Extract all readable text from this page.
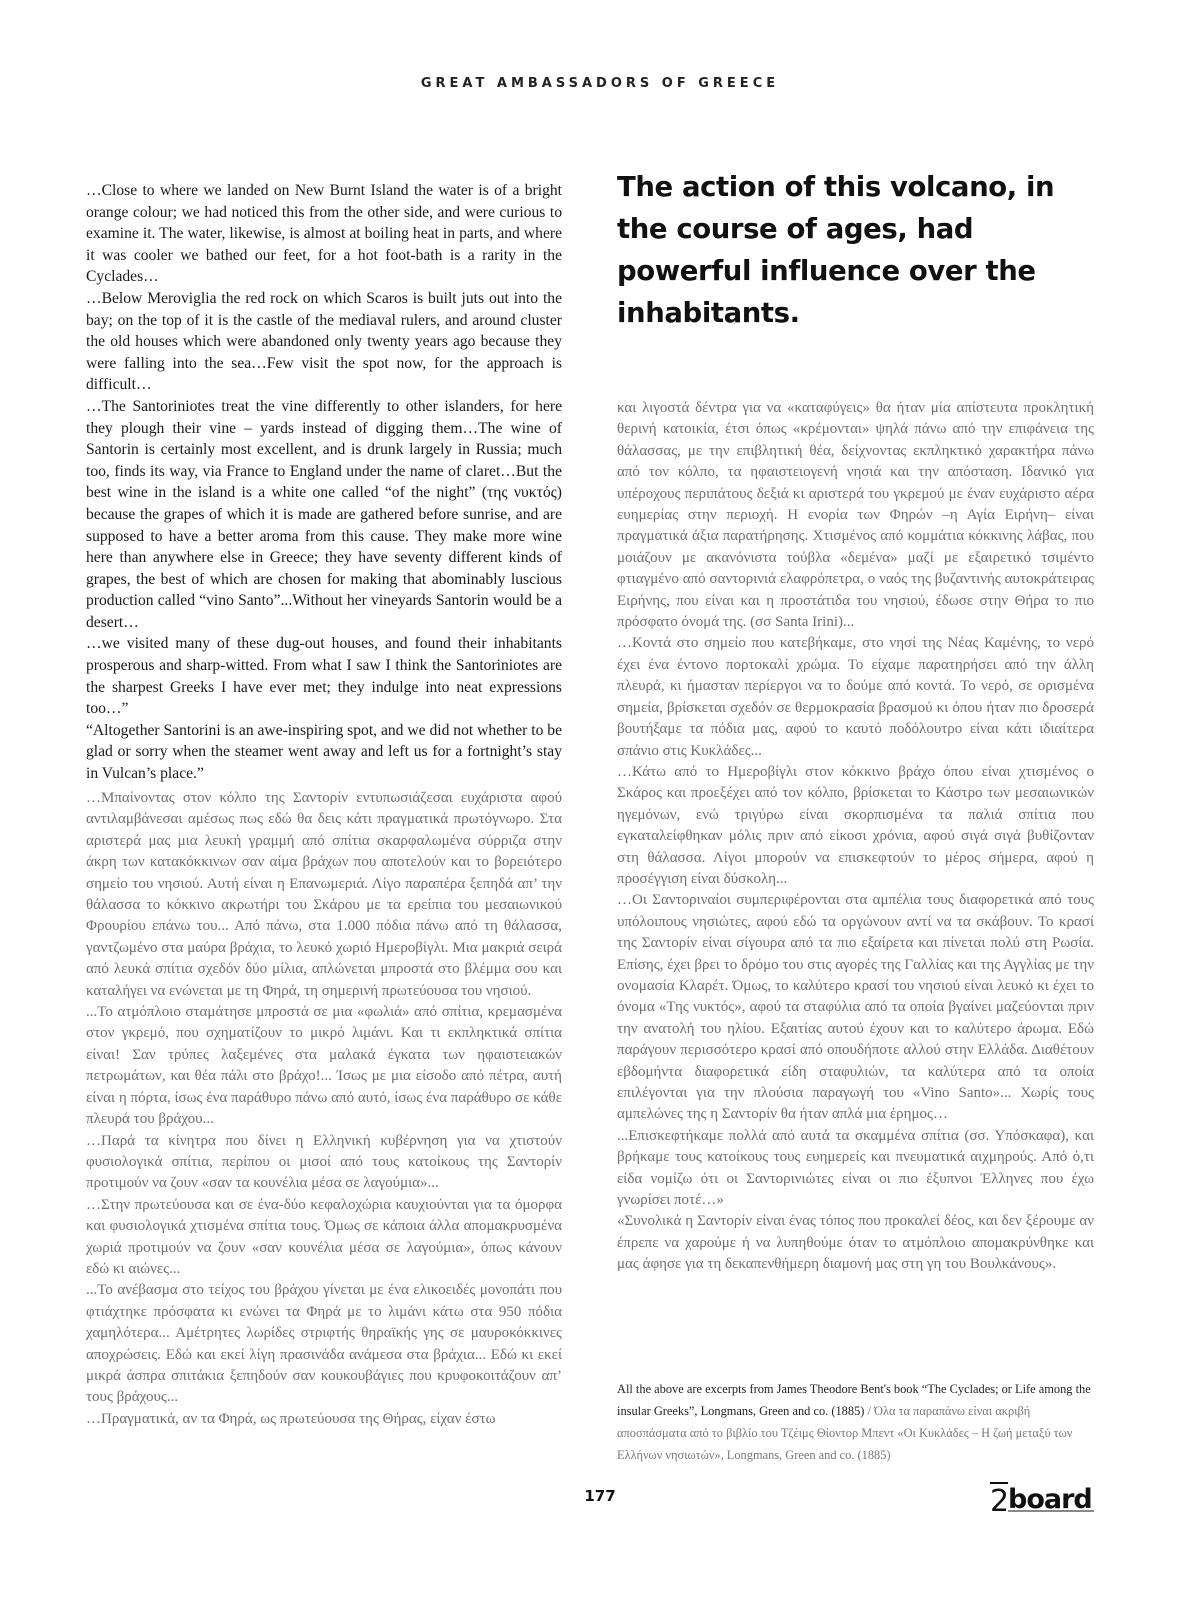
GREAT AMBASSADORS OF GREECE

…Close to where we landed on New Burnt Island the water is of a bright orange colour; we had noticed this from the other side, and were curious to examine it. The water, likewise, is almost at boiling heat in parts, and where it was cooler we bathed our feet, for a hot foot-bath is a rarity in the Cyclades…

…Below Meroviglia the red rock on which Scaros is built juts out into the bay; on the top of it is the castle of the mediaval rulers, and around cluster the old houses which were abandoned only twenty years ago because they were falling into the sea…Few visit the spot now, for the approach is difficult…

…The Santoriniotes treat the vine differently to other islanders, for here they plough their vine – yards instead of digging them…The wine of Santorin is certainly most excellent, and is drunk largely in Russia; much too, finds its way, via France to England under the name of claret…But the best wine in the island is a white one called “of the night” (της νυκτός) because the grapes of which it is made are gathered before sunrise, and are supposed to have a better aroma from this cause. They make more wine here than anywhere else in Greece; they have seventy different kinds of grapes, the best of which are chosen for making that abominably luscious production called “vino Santo”...Without her vineyards Santorin would be a desert…

…we visited many of these dug-out houses, and found their inhabitants prosperous and sharp-witted. From what I saw I think the Santoriniotes are the sharpest Greeks I have ever met; they indulge into neat expressions too…”

“Altogether Santorini is an awe-inspiring spot, and we did not whether to be glad or sorry when the steamer went away and left us for a fortnight’s stay in Vulcan’s place.”

…Μπαίνοντας στον κόλπο της Σαντορίν εντυπωσιάζεσαι ευχάριστα αφού αντιλαμβάνεσαι αμέσως πως εδώ θα δεις κάτι πραγματικά πρωτόγνωρο. Στα αριστερά μας μια λευκή γραμμή από σπίτια σκαρφαλωμένα σύρριζα στην άκρη των κατακόκκινων σαν αίμα βράχων που αποτελούν και το βορειότερο σημείο του νησιού. Αυτή είναι η Επανωμεριά. Λίγο παραπέρα ξεπηδά απ’ την θάλασσα το κόκκινο ακρωτήρι του Σκάρου με τα ερείπια του μεσαιωνικού Φρουρίου επάνω του... Από πάνω, στα 1.000 πόδια πάνω από τη θάλασσα, γαντζωμένο στα μαύρα βράχια, το λευκό χωριό Ημεροβίγλι. Μια μακριά σειρά από λευκά σπίτια σχεδόν δύο μίλια, απλώνεται μπροστά στο βλέμμα σου και καταλήγει να ενώνεται με τη Φηρά, τη σημερινή πρωτεύουσα του νησιού.

...Το ατμόπλοιο σταμάτησε μπροστά σε μια «φωλιά» από σπίτια, κρεμασμένα στον γκρεμό, που σχηματίζουν το μικρό λιμάνι. Και τι εκπληκτικά σπίτια είναι! Σαν τρύπες λαξεμένες στα μαλακά έγκατα των ηφαιστειακών πετρωμάτων, και θέα πάλι στο βράχο!... Ίσως με μια είσοδο από πέτρα, αυτή είναι η πόρτα, ίσως ένα παράθυρο πάνω από αυτό, ίσως ένα παράθυρο σε κάθε πλευρά του βράχου...

…Παρά τα κίνητρα που δίνει η Ελληνική κυβέρνηση για να χτιστούν φυσιολογικά σπίτια, περίπου οι μισοί από τους κατοίκους της Σαντορίν προτιμούν να ζουν «σαν τα κουνέλια μέσα σε λαγούμια»...

…Στην πρωτεύουσα και σε ένα-δύο κεφαλοχώρια καυχιούνται για τα όμορφα και φυσιολογικά χτισμένα σπίτια τους. Όμως σε κάποια άλλα απομακρυσμένα χωριά προτιμούν να ζουν «σαν κουνέλια μέσα σε λαγούμια», όπως κάνουν εδώ κι αιώνες...

...Το ανέβασμα στο τείχος του βράχου γίνεται με ένα ελικοειδές μονοπάτι που φτιάχτηκε πρόσφατα κι ενώνει τα Φηρά με το λιμάνι κάτω στα 950 πόδια χαμηλότερα... Αμέτρητες λωρίδες στριφτής θηραϊκής γης σε μαυροκόκκινες αποχρώσεις. Εδώ και εκεί λίγη πρασινάδα ανάμεσα στα βράχια... Εδώ κι εκεί μικρά άσπρα σπιτάκια ξεπηδούν σαν κουκουβάγιες που κρυφοκοιτάζουν απ’ τους βράχους...

…Πραγματικά, αν τα Φηρά, ως πρωτεύουσα της Θήρας, είχαν έστω

The action of this volcano, in the course of ages, had powerful influence over the inhabitants.

και λιγοστά δέντρα για να «καταφύγεις» θα ήταν μία απίστευτα προκλητική θερινή κατοικία, έτσι όπως «κρέμονται» ψηλά πάνω από την επιφάνεια της θάλασσας, με την επιβλητική θέα, δείχνοντας εκπληκτικό χαρακτήρα πάνω από τον κόλπο, τα ηφαιστειογενή νησιά και την απόσταση. Ιδανικό για υπέροχους περιπάτους δεξιά κι αριστερά του γκρεμού με έναν ευχάριστο αέρα ευημερίας στην περιοχή. Η ενορία των Φηρών –η Αγία Ειρήνη– είναι πραγματικά άξια παρατήρησης. Χτισμένος από κομμάτια κόκκινης λάβας, που μοιάζουν με ακανόνιστα τούβλα «δεμένα» μαζί με εξαιρετικό τσιμέντο φτιαγμένο από σαντορινιά ελαφρόπετρα, ο ναός της βυζαντινής αυτοκράτειρας Ειρήνης, που είναι και η προστάτιδα του νησιού, έδωσε στην Θήρα το πιο πρόσφατο όνομά της. (σσ Santa Irini)...

…Κοντά στο σημείο που κατεβήκαμε, στο νησί της Νέας Καμένης, το νερό έχει ένα έντονο πορτοκαλί χρώμα. Το είχαμε παρατηρήσει από την άλλη πλευρά, κι ήμασταν περίεργοι να το δούμε από κοντά. Το νερό, σε ορισμένα σημεία, βρίσκεται σχεδόν σε θερμοκρασία βρασμού κι όπου ήταν πιο δροσερά βουτήξαμε τα πόδια μας, αφού το καυτό ποδόλουτρο είναι κάτι ιδιαίτερα σπάνιο στις Κυκλάδες...

…Κάτω από το Ημεροβίγλι στον κόκκινο βράχο όπου είναι χτισμένος ο Σκάρος και προεξέχει από τον κόλπο, βρίσκεται το Κάστρο των μεσαιωνικών ηγεμόνων, ενώ τριγύρω είναι σκορπισμένα τα παλιά σπίτια που εγκαταλείφθηκαν μόλις πριν από είκοσι χρόνια, αφού σιγά σιγά βυθίζονταν στη θάλασσα. Λίγοι μπορούν να επισκεφτούν το μέρος σήμερα, αφού η προσέγγιση είναι δύσκολη...

…Οι Σαντοριναίοι συμπεριφέρονται στα αμπέλια τους διαφορετικά από τους υπόλοιπους νησιώτες, αφού εδώ τα οργώνουν αντί να τα σκάβουν. Το κρασί της Σαντορίν είναι σίγουρα από τα πιο εξαίρετα και πίνεται πολύ στη Ρωσία. Επίσης, έχει βρει το δρόμο του στις αγορές της Γαλλίας και της Αγγλίας με την ονομασία Κλαρέτ. Όμως, το καλύτερο κρασί του νησιού είναι λευκό κι έχει το όνομα «Της νυκτός», αφού τα σταφύλια από τα οποία βγαίνει μαζεύονται πριν την ανατολή του ηλίου. Εξαιτίας αυτού έχουν και το καλύτερο άρωμα. Εδώ παράγουν περισσότερο κρασί από οπουδήποτε αλλού στην Ελλάδα. Διαθέτουν εβδομήντα διαφορετικά είδη σταφυλιών, τα καλύτερα από τα οποία επιλέγονται για την πλούσια παραγωγή του «Vino Santo»... Χωρίς τους αμπελώνες της η Σαντορίν θα ήταν απλά μια έρημος…

...Επισκεφτήκαμε πολλά από αυτά τα σκαμμένα σπίτια (σσ. Υπόσκαφα), και βρήκαμε τους κατοίκους τους ευημερείς και πνευματικά αιχμηρούς. Από ό,τι είδα νομίζω ότι οι Σαντορινιώτες είναι οι πιο έξυπνοι Έλληνες που έχω γνωρίσει ποτέ…»

«Συνολικά η Σαντορίν είναι ένας τόπος που προκαλεί δέος, και δεν ξέρουμε αν έπρεπε να χαρούμε ή να λυπηθούμε όταν το ατμόπλοιο απομακρύνθηκε και μας άφησε για τη δεκαπενθήμερη διαμονή μας στη γη του Βουλκάνους».

All the above are excerpts from James Theodore Bent's book “The Cyclades; or Life among the insular Greeks”, Longmans, Green and co. (1885) / Όλα τα παραπάνω είναι ακριβή αποσπάσματα από το βιβλίο του Τζέιμς Θίοντορ Μπεντ «Οι Κυκλάδες – Η ζωή μεταξύ των Ελλήνων νησιωτών», Longmans, Green and co. (1885)
177	2
board
